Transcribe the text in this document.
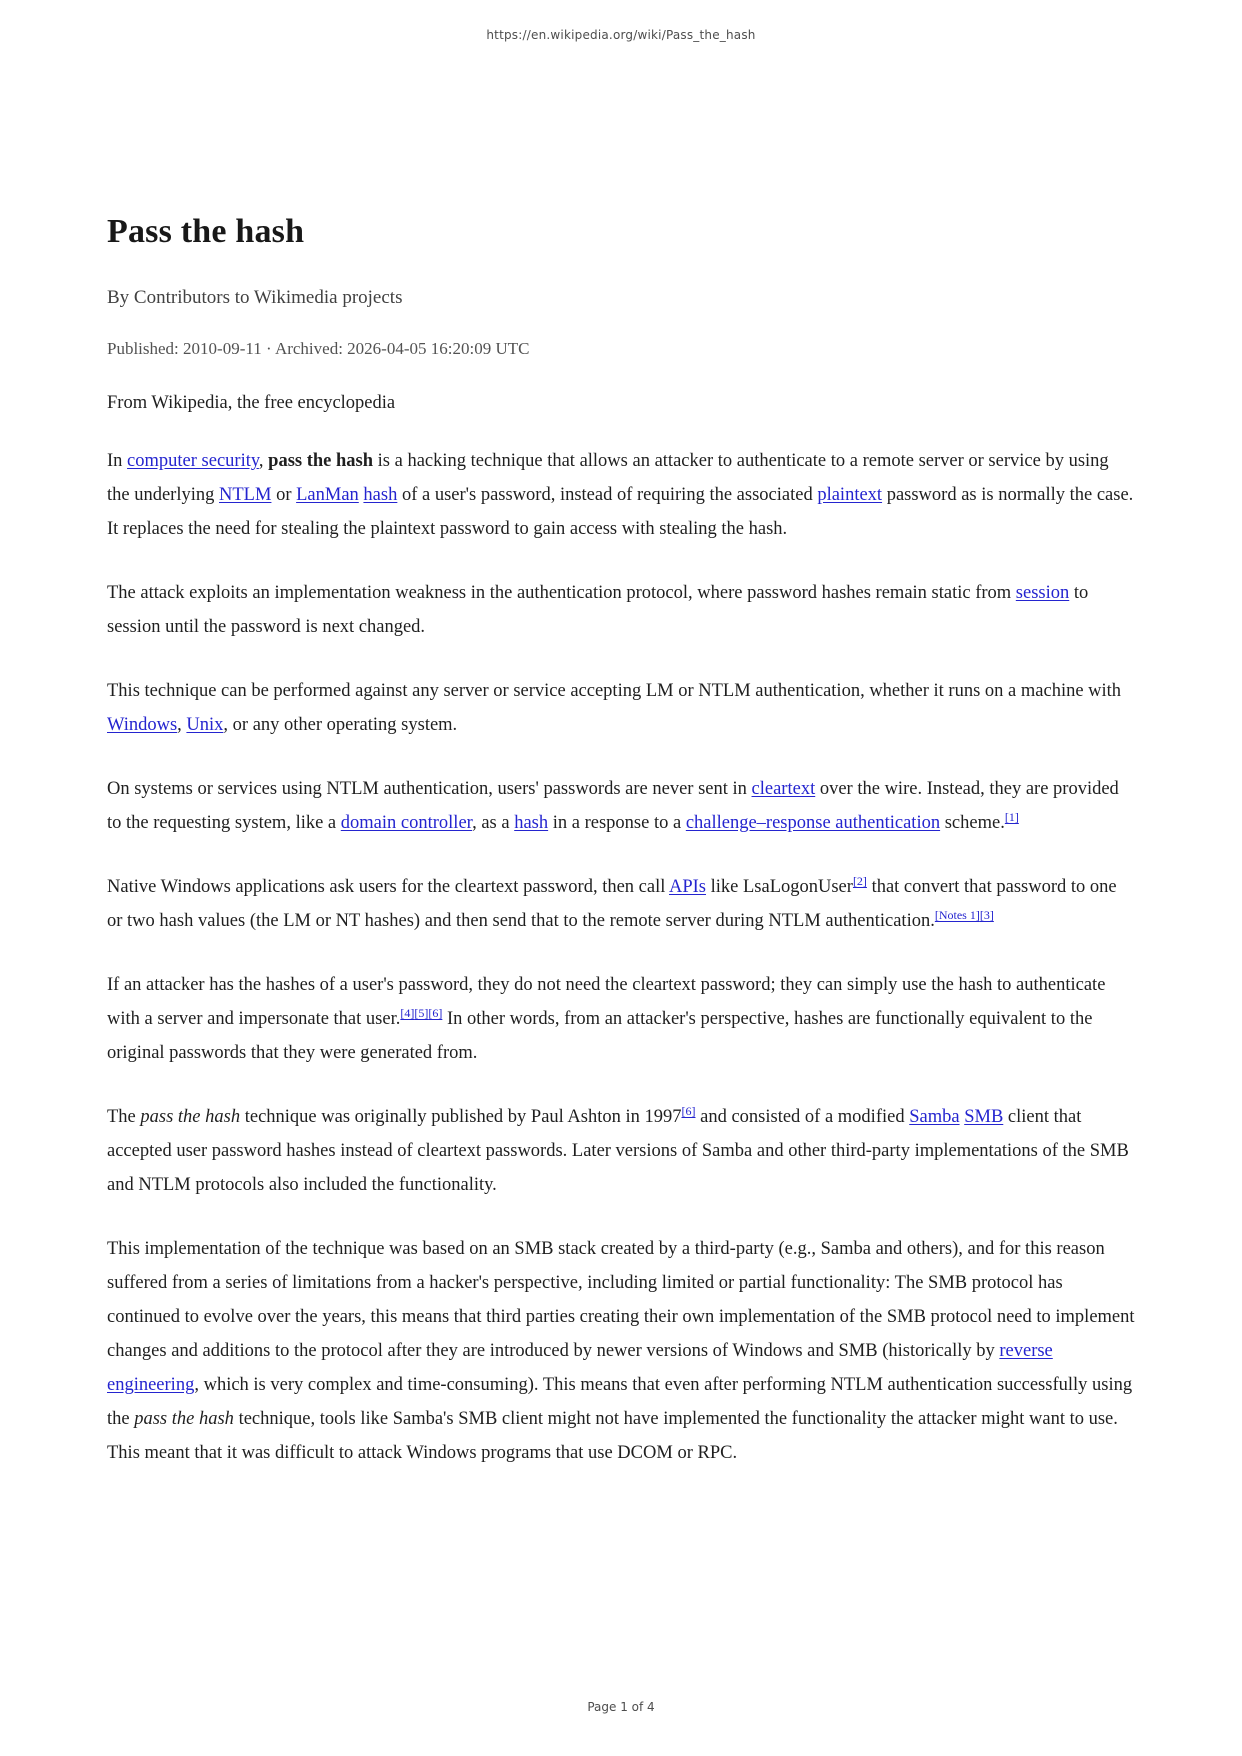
https://en.wikipedia.org/wiki/Pass_the_hash
Pass the hash
By Contributors to Wikimedia projects
Published: 2010-09-11 · Archived: 2026-04-05 16:20:09 UTC
From Wikipedia, the free encyclopedia

In computer security, pass the hash is a hacking technique that allows an attacker to authenticate to a remote server or service by using the underlying NTLM or LanMan hash of a user's password, instead of requiring the associated plaintext password as is normally the case. It replaces the need for stealing the plaintext password to gain access with stealing the hash.

The attack exploits an implementation weakness in the authentication protocol, where password hashes remain static from session to session until the password is next changed.

This technique can be performed against any server or service accepting LM or NTLM authentication, whether it runs on a machine with Windows, Unix, or any other operating system.

On systems or services using NTLM authentication, users' passwords are never sent in cleartext over the wire. Instead, they are provided to the requesting system, like a domain controller, as a hash in a response to a challenge–response authentication scheme.[1]

Native Windows applications ask users for the cleartext password, then call APIs like LsaLogonUser[2] that convert that password to one or two hash values (the LM or NT hashes) and then send that to the remote server during NTLM authentication.[Notes 1][3]

If an attacker has the hashes of a user's password, they do not need the cleartext password; they can simply use the hash to authenticate with a server and impersonate that user.[4][5][6] In other words, from an attacker's perspective, hashes are functionally equivalent to the original passwords that they were generated from.

The pass the hash technique was originally published by Paul Ashton in 1997[6] and consisted of a modified Samba SMB client that accepted user password hashes instead of cleartext passwords. Later versions of Samba and other third-party implementations of the SMB and NTLM protocols also included the functionality.

This implementation of the technique was based on an SMB stack created by a third-party (e.g., Samba and others), and for this reason suffered from a series of limitations from a hacker's perspective, including limited or partial functionality: The SMB protocol has continued to evolve over the years, this means that third parties creating their own implementation of the SMB protocol need to implement changes and additions to the protocol after they are introduced by newer versions of Windows and SMB (historically by reverse engineering, which is very complex and time-consuming). This means that even after performing NTLM authentication successfully using the pass the hash technique, tools like Samba's SMB client might not have implemented the functionality the attacker might want to use. This meant that it was difficult to attack Windows programs that use DCOM or RPC.

Page 1 of 4
